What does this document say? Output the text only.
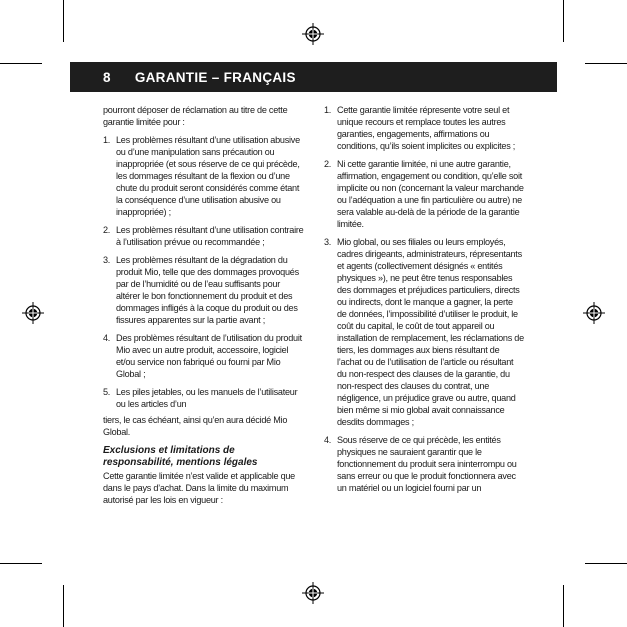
8 GARANTIE – FRANÇAIS

pourront déposer de réclamation au titre de cette garantie limitée pour :

1. Les problèmes résultant d’une utilisation abusive ou d’une manipulation sans précaution ou inappropriée (et sous réserve de ce qui précède, les dommages résultant de la flexion ou d’une chute du produit seront considérés comme étant la conséquence d’une utilisation abusive ou inappropriée) ;
2. Les problèmes résultant d’une utilisation contraire à l’utilisation prévue ou recommandée ;
3. Les problèmes résultant de la dégradation du produit Mio, telle que des dommages provoqués par de l’humidité ou de l’eau suffisants pour altérer le bon fonctionnement du produit et des dommages infligés à la coque du produit ou des fissures apparentes sur la partie avant ;
4. Des problèmes résultant de l’utilisation du produit Mio avec un autre produit, accessoire, logiciel et/ou service non fabriqué ou fourni par Mio Global ;
5. Les piles jetables, ou les manuels de l’utilisateur ou les articles d’un

tiers, le cas échéant, ainsi qu’en aura décidé Mio Global.

Exclusions et limitations de responsabilité, mentions légales

Cette garantie limitée n’est valide et applicable que dans le pays d’achat. Dans la limite du maximum autorisé par les lois en vigueur :

1. Cette garantie limitée répresente votre seul et unique recours et remplace toutes les autres garanties, engagements, affirmations ou conditions, qu’ils soient implicites ou explicites ;
2. Ni cette garantie limitée, ni une autre garantie, affirmation, engagement ou condition, qu’elle soit implicite ou non (concernant la valeur marchande ou l’adéquation a une fin particulière ou autre) ne sera valable au-delà de la période de la garantie limitée.
3. Mio global, ou ses filiales ou leurs employés, cadres dirigeants, administrateurs, répresentants et agents (collectivement désignés « entités physiques »), ne peut être tenus responsables des dommages et préjudices particuliers, directs ou indirects, dont le manque a gagner, la perte de données, l’impossibilité d’utiliser le produit, le coût du capital, le coût de tout appareil ou installation de remplacement, les réclamations de tiers, les dommages aux biens résultant de l’achat ou de l’utilisation de l’article ou résultant du non-respect des clauses de la garantie, du non-respect des clauses du contrat, une négligence, un préjudice grave ou autre, quand bien même si mio global avait connaissance desdits dommages ;
4. Sous réserve de ce qui précède, les entités physiques ne sauraient garantir que le fonctionnement du produit sera ininterrompu ou sans erreur ou que le produit fonctionnera avec un matériel ou un logiciel fourni par un
